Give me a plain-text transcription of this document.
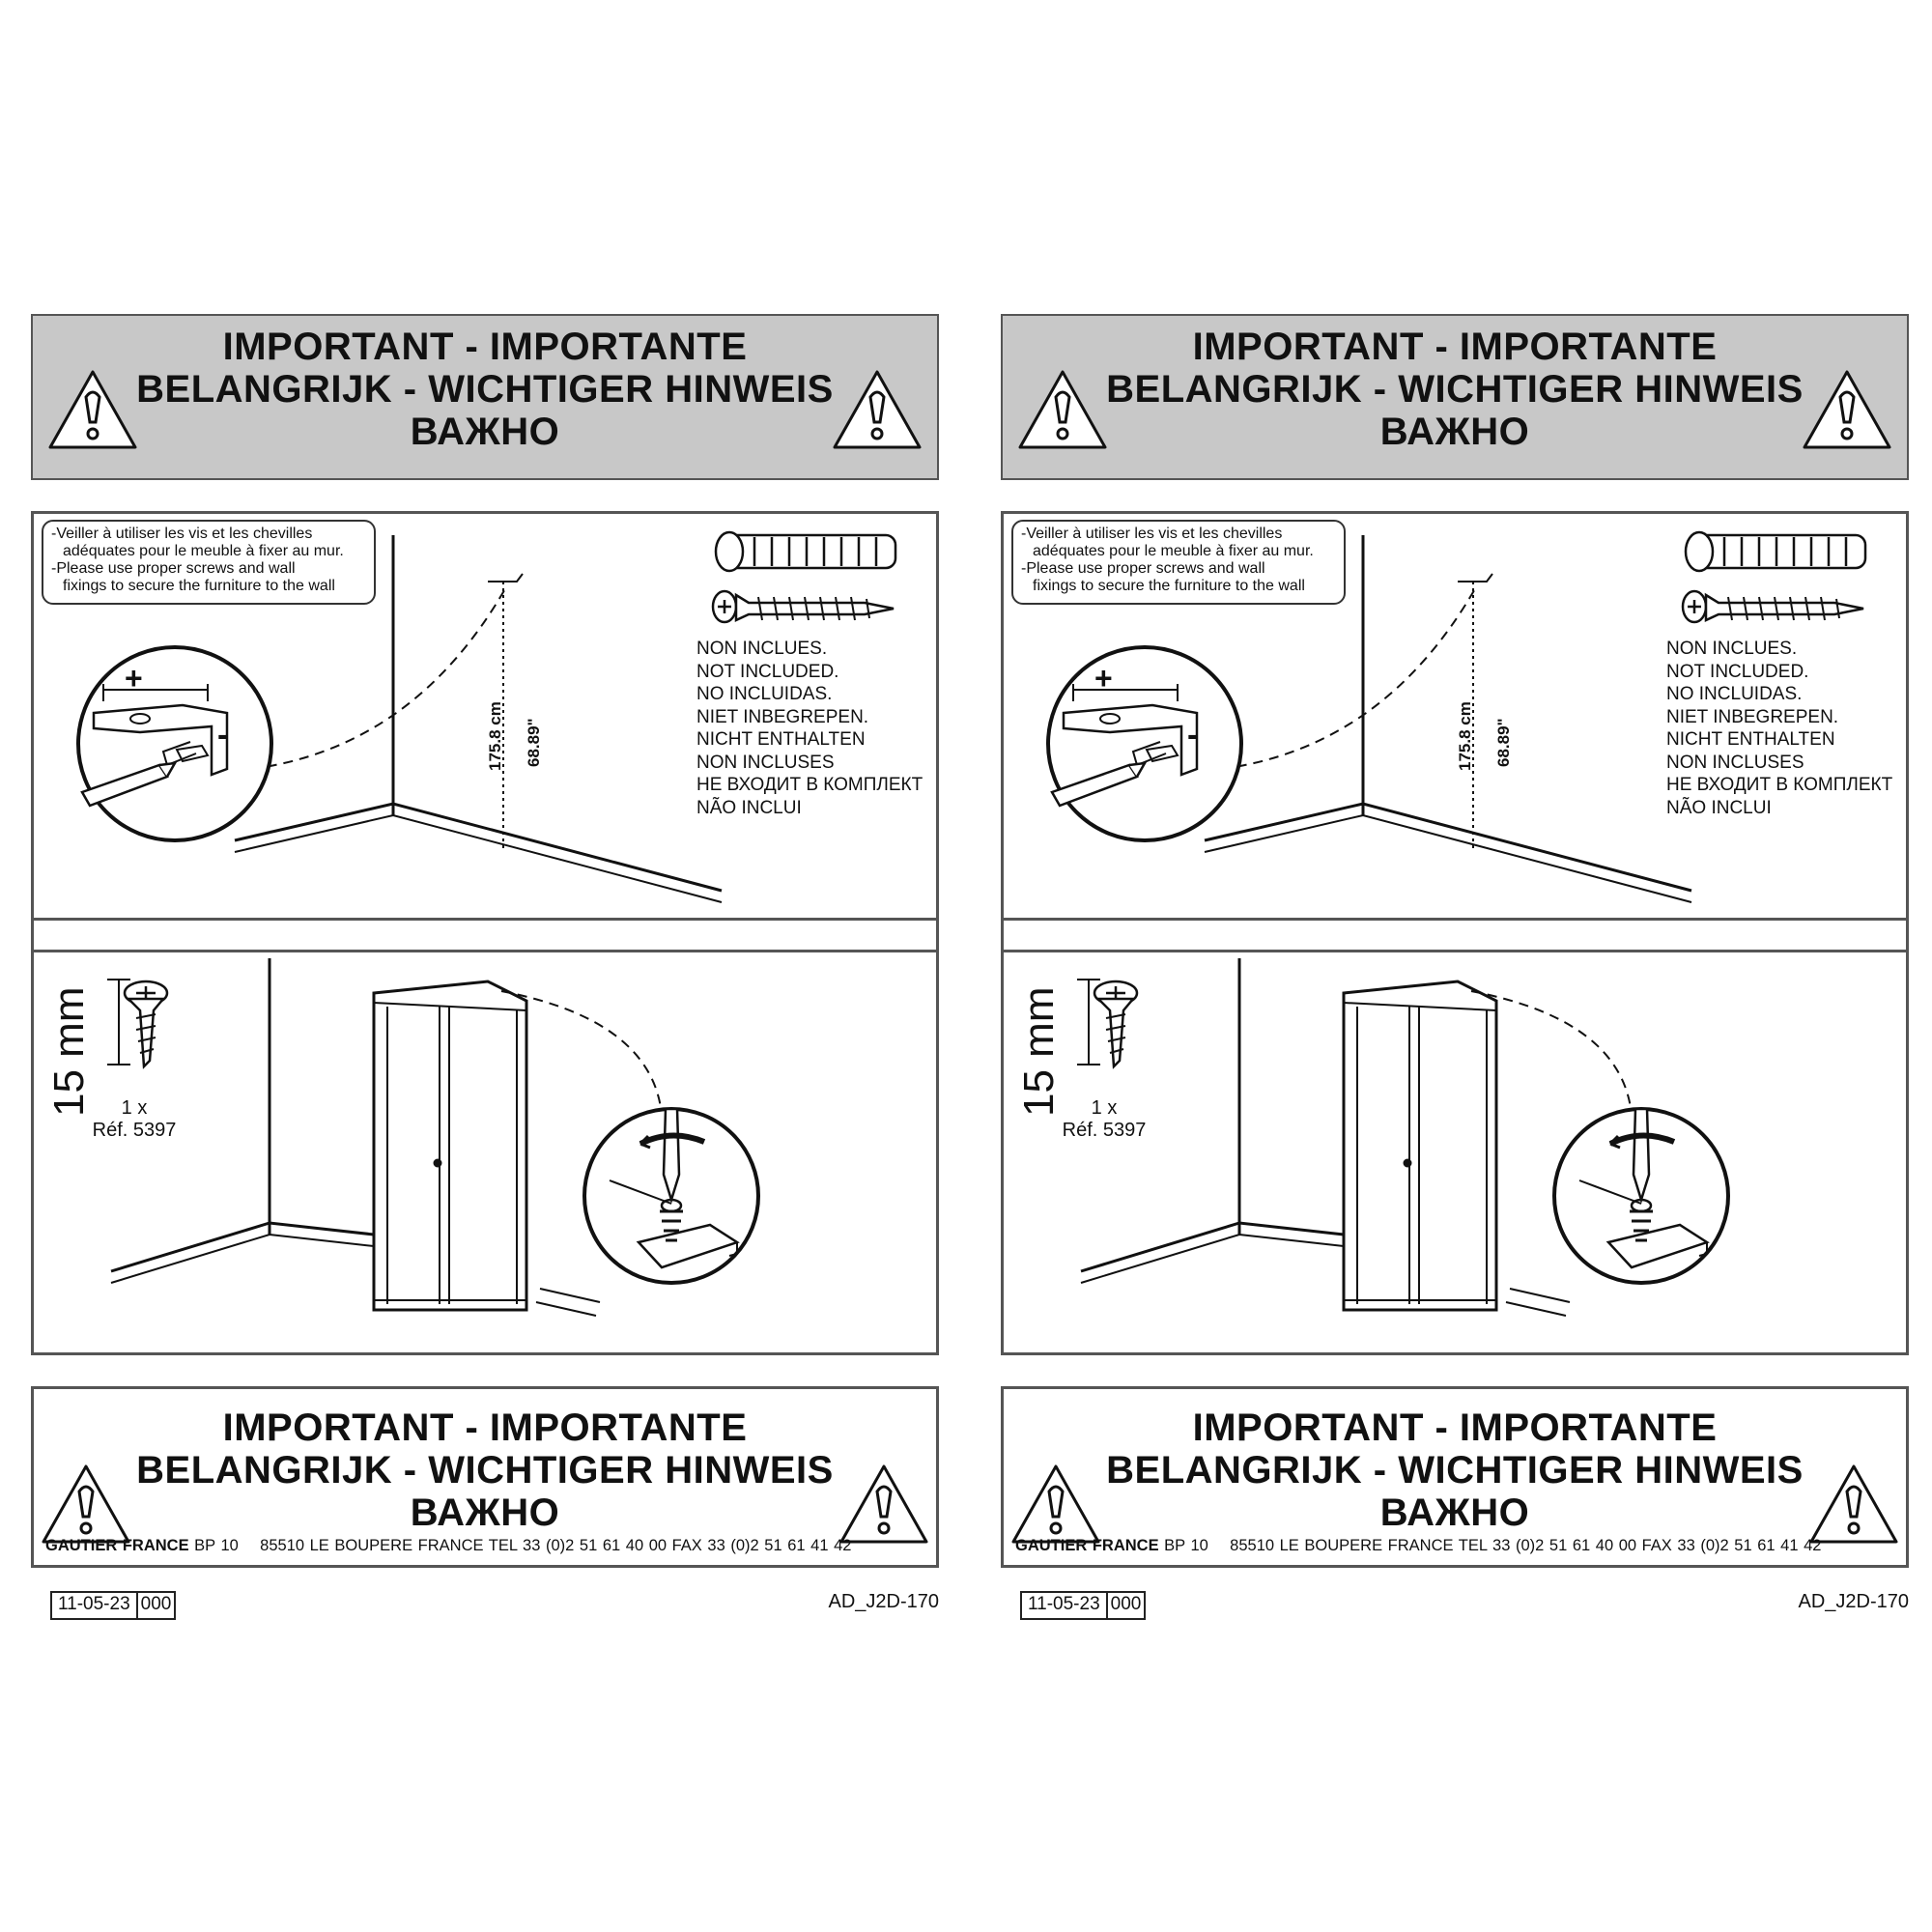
IMPORTANT - IMPORTANTE
BELANGRIJK - WICHTIGER HINWEIS
ВАЖНО
-Veiller à utiliser les vis et les chevilles
adéquates pour le meuble à fixer au mur.
-Please use proper screws and wall
fixings to secure the furniture to the wall
+
-	175.8 cm 68.89"
NON INCLUES.
NOT INCLUDED.
NO INCLUIDAS.
NIET INBEGREPEN.
NICHT ENTHALTEN
NON INCLUSES
НЕ ВХОДИТ В КОМПЛЕКТ
NÃO INCLUI
15 mm	1 x
Réf. 5397
IMPORTANT - IMPORTANTE
BELANGRIJK - WICHTIGER HINWEIS
ВАЖНО
GAUTIER FRANCE BP 10    85510 LE BOUPERE FRANCE TEL 33 (0)2 51 61 40 00 FAX 33 (0)2 51 61 41 42
11-05-23 000	AD_J2D-170
IMPORTANT - IMPORTANTE
BELANGRIJK - WICHTIGER HINWEIS
ВАЖНО
-Veiller à utiliser les vis et les chevilles
adéquates pour le meuble à fixer au mur.
-Please use proper screws and wall
fixings to secure the furniture to the wall
+
-	175.8 cm 68.89"
NON INCLUES.
NOT INCLUDED.
NO INCLUIDAS.
NIET INBEGREPEN.
NICHT ENTHALTEN
NON INCLUSES
НЕ ВХОДИТ В КОМПЛЕКТ
NÃO INCLUI
15 mm	1 x
Réf. 5397
IMPORTANT - IMPORTANTE
BELANGRIJK - WICHTIGER HINWEIS
ВАЖНО
GAUTIER FRANCE BP 10    85510 LE BOUPERE FRANCE TEL 33 (0)2 51 61 40 00 FAX 33 (0)2 51 61 41 42
11-05-23 000	AD_J2D-170
